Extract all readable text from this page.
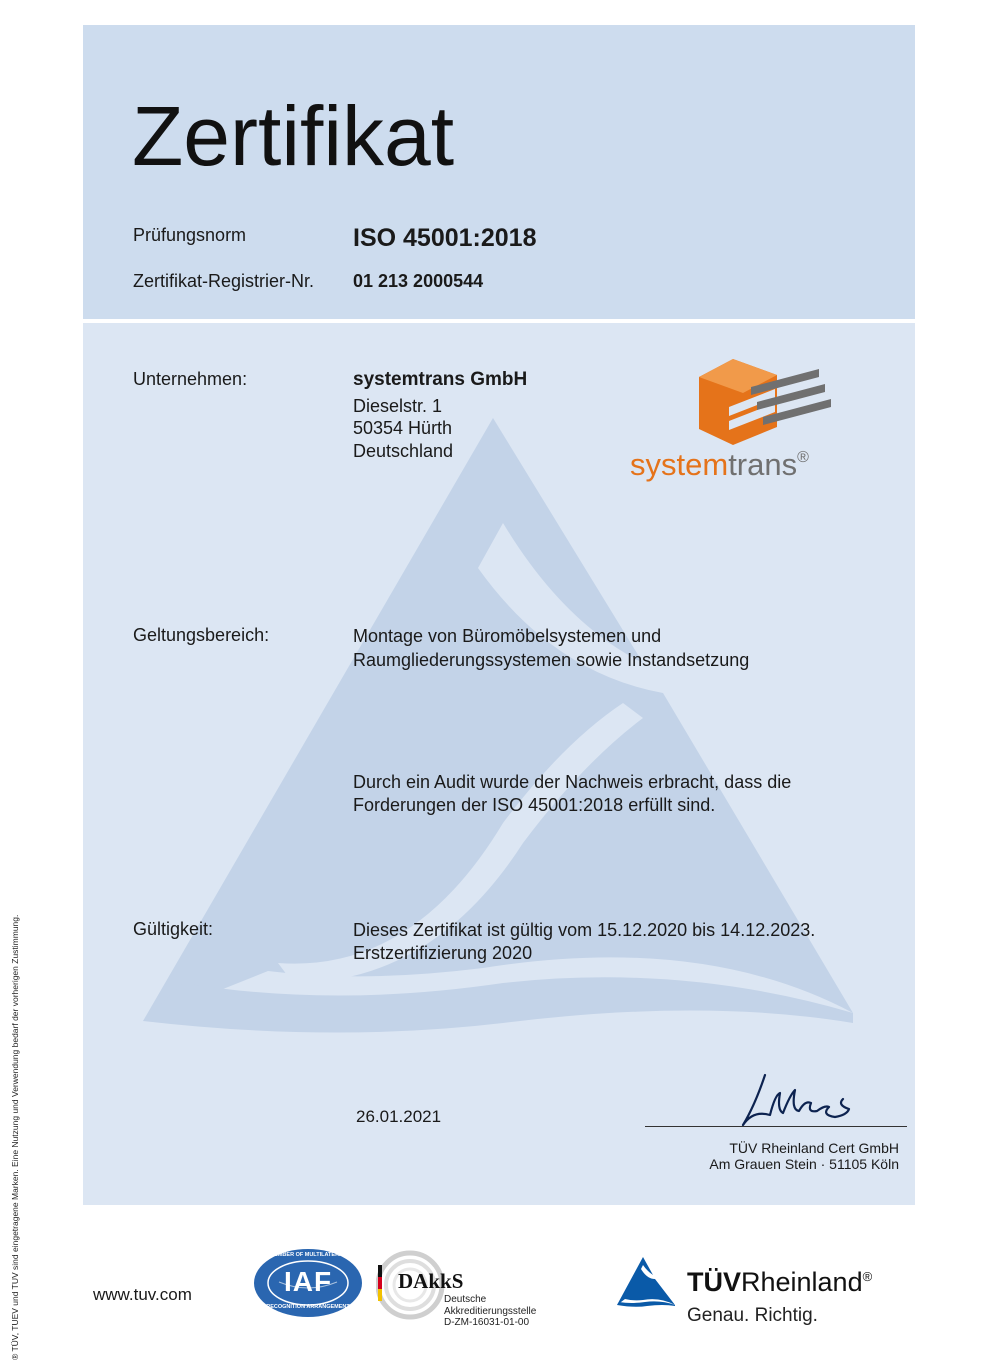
Zertifikat
Prüfungsnorm	ISO 45001:2018
Zertifikat-Registrier-Nr. 01 213 2000544
Unternehmen:	systemtrans GmbH
Dieselstr. 1
50354 Hürth
Deutschland	systemtrans®
Geltungsbereich:	Montage von Büromöbelsystemen und
Raumgliederungssystemen sowie Instandsetzung
Durch ein Audit wurde der Nachweis erbracht, dass die
Forderungen der ISO 45001:2018 erfüllt sind.
Gültigkeit:	Dieses Zertifikat ist gültig vom 15.12.2020 bis 14.12.2023.
Erstzertifizierung 2020
26.01.2021
TÜV Rheinland Cert GmbH
Am Grauen Stein · 51105 Köln
www.tuv.com	IAF
MEMBER OF MULTILATERAL
RECOGNITION ARRANGEMENT
DAkkS
Deutsche
Akkreditierungsstelle
D-ZM-16031-01-00
TÜVRheinland®
Genau. Richtig.
® TÜV, TUEV und TUV sind eingetragene Marken. Eine Nutzung und Verwendung bedarf der vorherigen Zustimmung.
